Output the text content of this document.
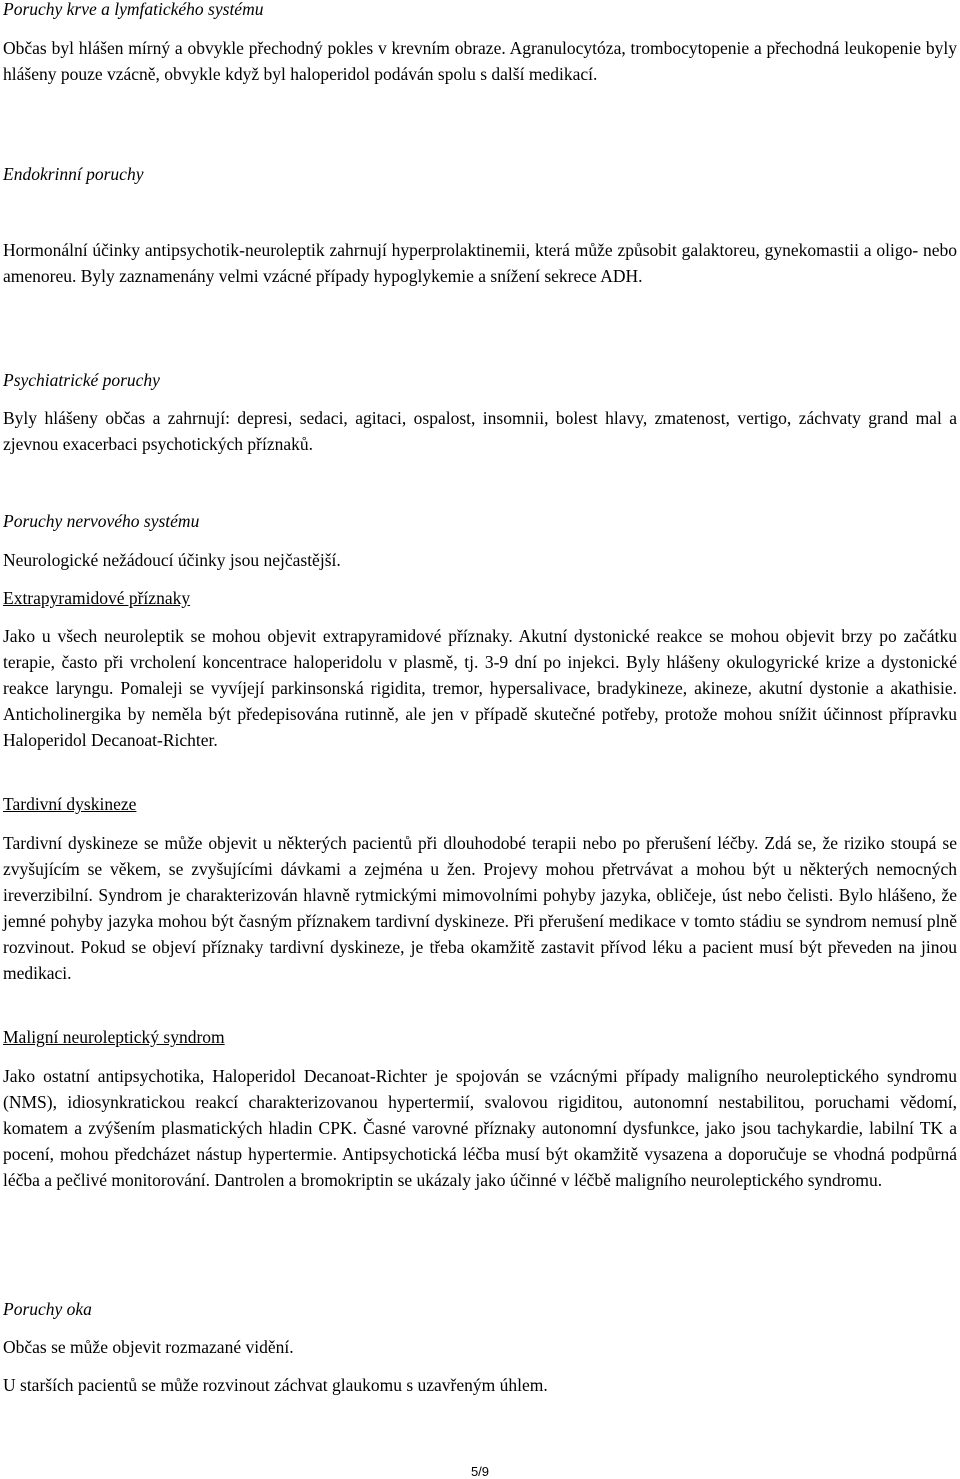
Poruchy krve a lymfatického systému

Občas byl hlášen mírný a obvykle přechodný pokles v krevním obraze. Agranulocytóza, trombocytopenie a přechodná leukopenie byly hlášeny pouze vzácně, obvykle když byl haloperidol podáván spolu s další medikací.

Endokrinní poruchy

Hormonální účinky antipsychotik-neuroleptik zahrnují hyperprolaktinemii, která může způsobit galaktoreu, gynekomastii a oligo- nebo amenoreu. Byly zaznamenány velmi vzácné případy hypoglykemie a snížení sekrece ADH.

Psychiatrické poruchy

Byly hlášeny občas a zahrnují: depresi, sedaci, agitaci, ospalost, insomnii, bolest hlavy, zmatenost, vertigo, záchvaty grand mal a zjevnou exacerbaci psychotických příznaků.

Poruchy nervového systému

Neurologické nežádoucí účinky jsou nejčastější.

Extrapyramidové příznaky

Jako u všech neuroleptik se mohou objevit extrapyramidové příznaky. Akutní dystonické reakce se mohou objevit brzy po začátku terapie, často při vrcholení koncentrace haloperidolu v plasmě, tj. 3-9 dní po injekci. Byly hlášeny okulogyrické krize a dystonické reakce laryngu. Pomaleji se vyvíjejí parkinsonská rigidita, tremor, hypersalivace, bradykineze, akineze, akutní dystonie a akathisie. Anticholinergika by neměla být předepisována rutinně, ale jen v případě skutečné potřeby, protože mohou snížit účinnost přípravku Haloperidol Decanoat-Richter.

Tardivní dyskineze

Tardivní dyskineze se může objevit u některých pacientů při dlouhodobé terapii nebo po přerušení léčby. Zdá se, že riziko stoupá se zvyšujícím se věkem, se zvyšujícími dávkami a zejména u žen. Projevy mohou přetrvávat a mohou být u některých nemocných ireverzibilní. Syndrom je charakterizován hlavně rytmickými mimovolními pohyby jazyka, obličeje, úst nebo čelisti. Bylo hlášeno, že jemné pohyby jazyka mohou být časným příznakem tardivní dyskineze. Při přerušení medikace v tomto stádiu se syndrom nemusí plně rozvinout. Pokud se objeví příznaky tardivní dyskineze, je třeba okamžitě zastavit přívod léku a pacient musí být převeden na jinou medikaci.

Maligní neuroleptický syndrom

Jako ostatní antipsychotika, Haloperidol Decanoat-Richter je spojován se vzácnými případy maligního neuroleptického syndromu (NMS), idiosynkratickou reakcí charakterizovanou hypertermií, svalovou rigiditou, autonomní nestabilitou, poruchami vědomí, komatem a zvýšením plasmatických hladin CPK. Časné varovné příznaky autonomní dysfunkce, jako jsou tachykardie, labilní TK a pocení, mohou předcházet nástup hypertermie. Antipsychotická léčba musí být okamžitě vysazena a doporučuje se vhodná podpůrná léčba a pečlivé monitorování. Dantrolen a bromokriptin se ukázaly jako účinné v léčbě maligního neuroleptického syndromu.

Poruchy oka

Občas se může objevit rozmazané vidění.

U starších pacientů se může rozvinout záchvat glaukomu s uzavřeným úhlem.

5/9
